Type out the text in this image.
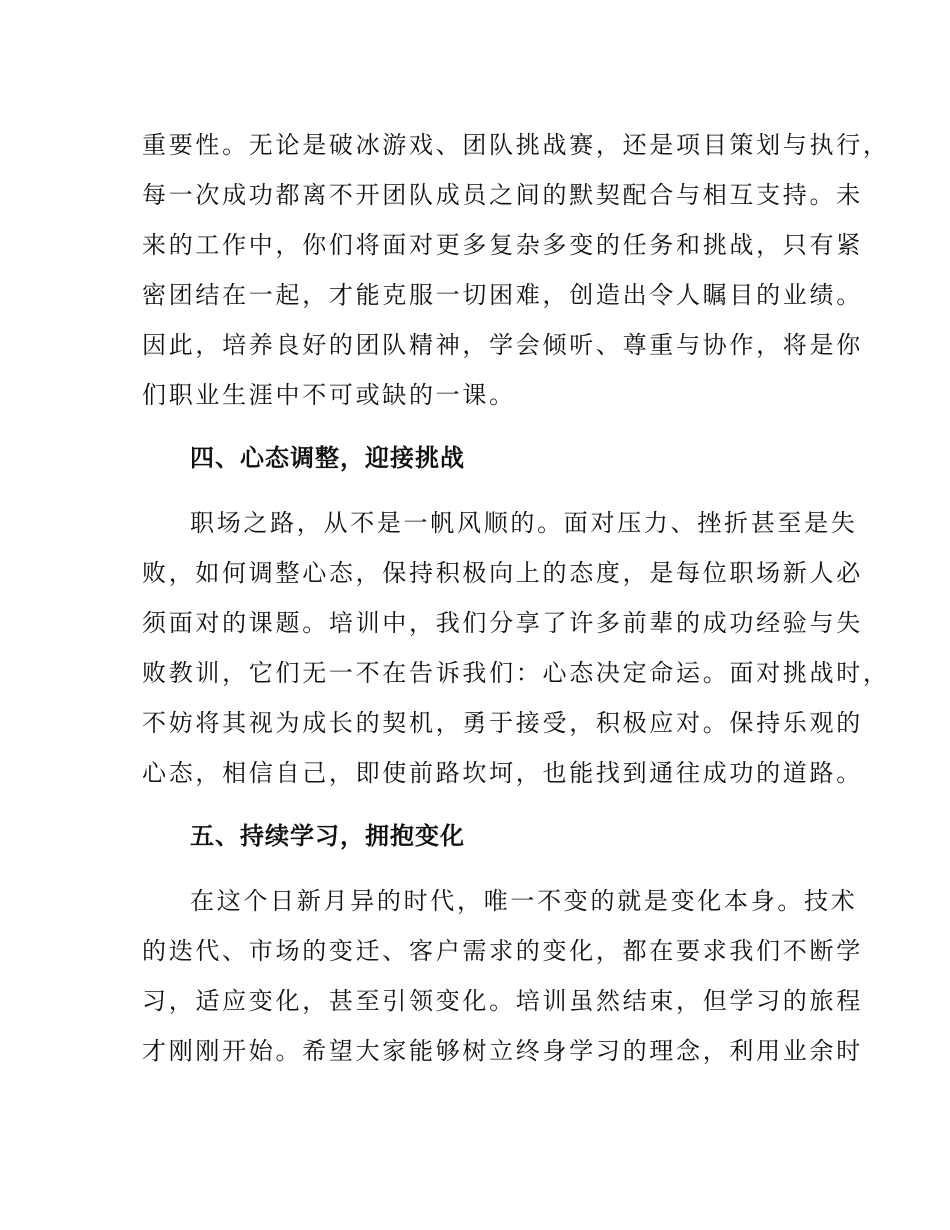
重要性。无论是破冰游戏、团队挑战赛，还是项目策划与执行，
每一次成功都离不开团队成员之间的默契配合与相互支持。未
来的工作中，你们将面对更多复杂多变的任务和挑战，只有紧
密团结在一起，才能克服一切困难，创造出令人瞩目的业绩。
因此，培养良好的团队精神，学会倾听、尊重与协作，将是你
们职业生涯中不可或缺的一课。
四、心态调整，迎接挑战
职场之路，从不是一帆风顺的。面对压力、挫折甚至是失
败，如何调整心态，保持积极向上的态度，是每位职场新人必
须面对的课题。培训中，我们分享了许多前辈的成功经验与失
败教训，它们无一不在告诉我们：心态决定命运。面对挑战时，
不妨将其视为成长的契机，勇于接受，积极应对。保持乐观的
心态，相信自己，即使前路坎坷，也能找到通往成功的道路。
五、持续学习，拥抱变化
在这个日新月异的时代，唯一不变的就是变化本身。技术
的迭代、市场的变迁、客户需求的变化，都在要求我们不断学
习，适应变化，甚至引领变化。培训虽然结束，但学习的旅程
才刚刚开始。希望大家能够树立终身学习的理念，利用业余时
